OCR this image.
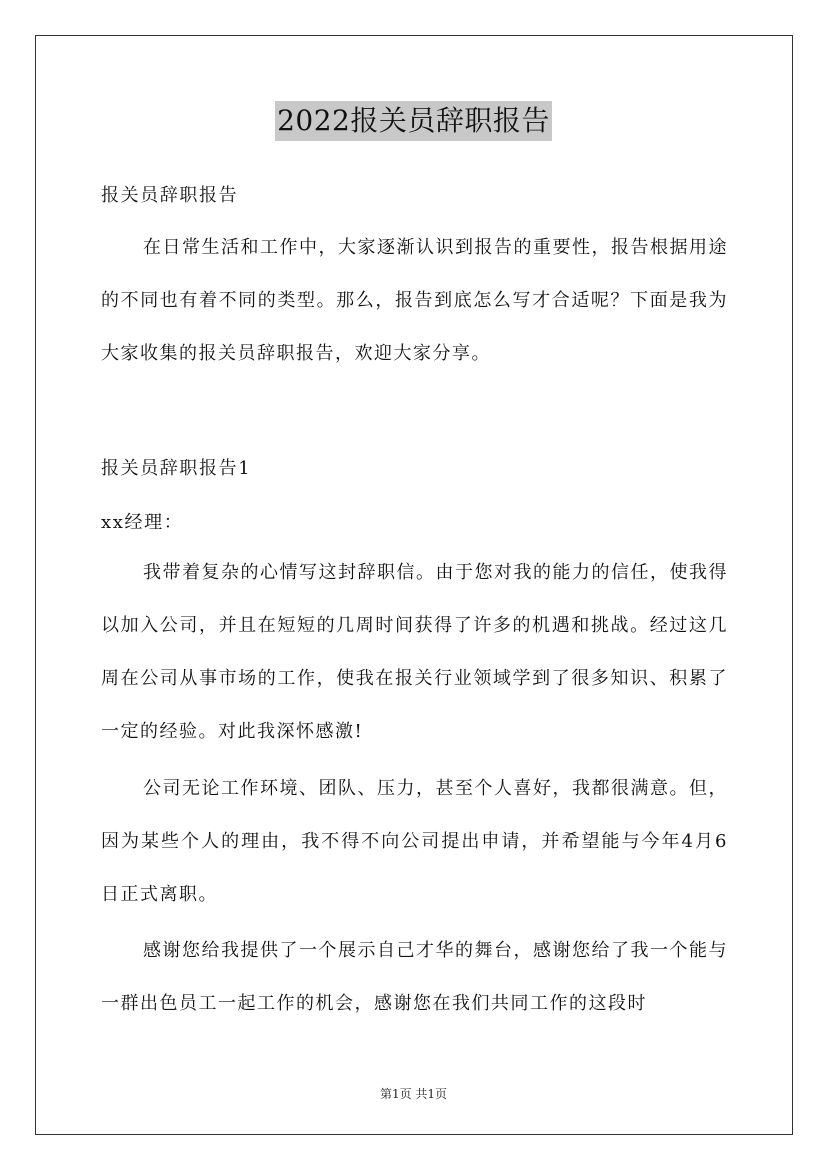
2022报关员辞职报告
报关员辞职报告

在日常生活和工作中，大家逐渐认识到报告的重要性，报告根据用途的不同也有着不同的类型。那么，报告到底怎么写才合适呢？下面是我为大家收集的报关员辞职报告，欢迎大家分享。

报关员辞职报告1
xx经理：

我带着复杂的心情写这封辞职信。由于您对我的能力的信任，使我得以加入公司，并且在短短的几周时间获得了许多的机遇和挑战。经过这几周在公司从事市场的工作，使我在报关行业领域学到了很多知识、积累了一定的经验。对此我深怀感激!

公司无论工作环境、团队、压力，甚至个人喜好，我都很满意。但，因为某些个人的理由，我不得不向公司提出申请，并希望能与今年4月6日正式离职。

感谢您给我提供了一个展示自己才华的舞台，感谢您给了我一个能与一群出色员工一起工作的机会，感谢您在我们共同工作的这段时

第1页 共1页
